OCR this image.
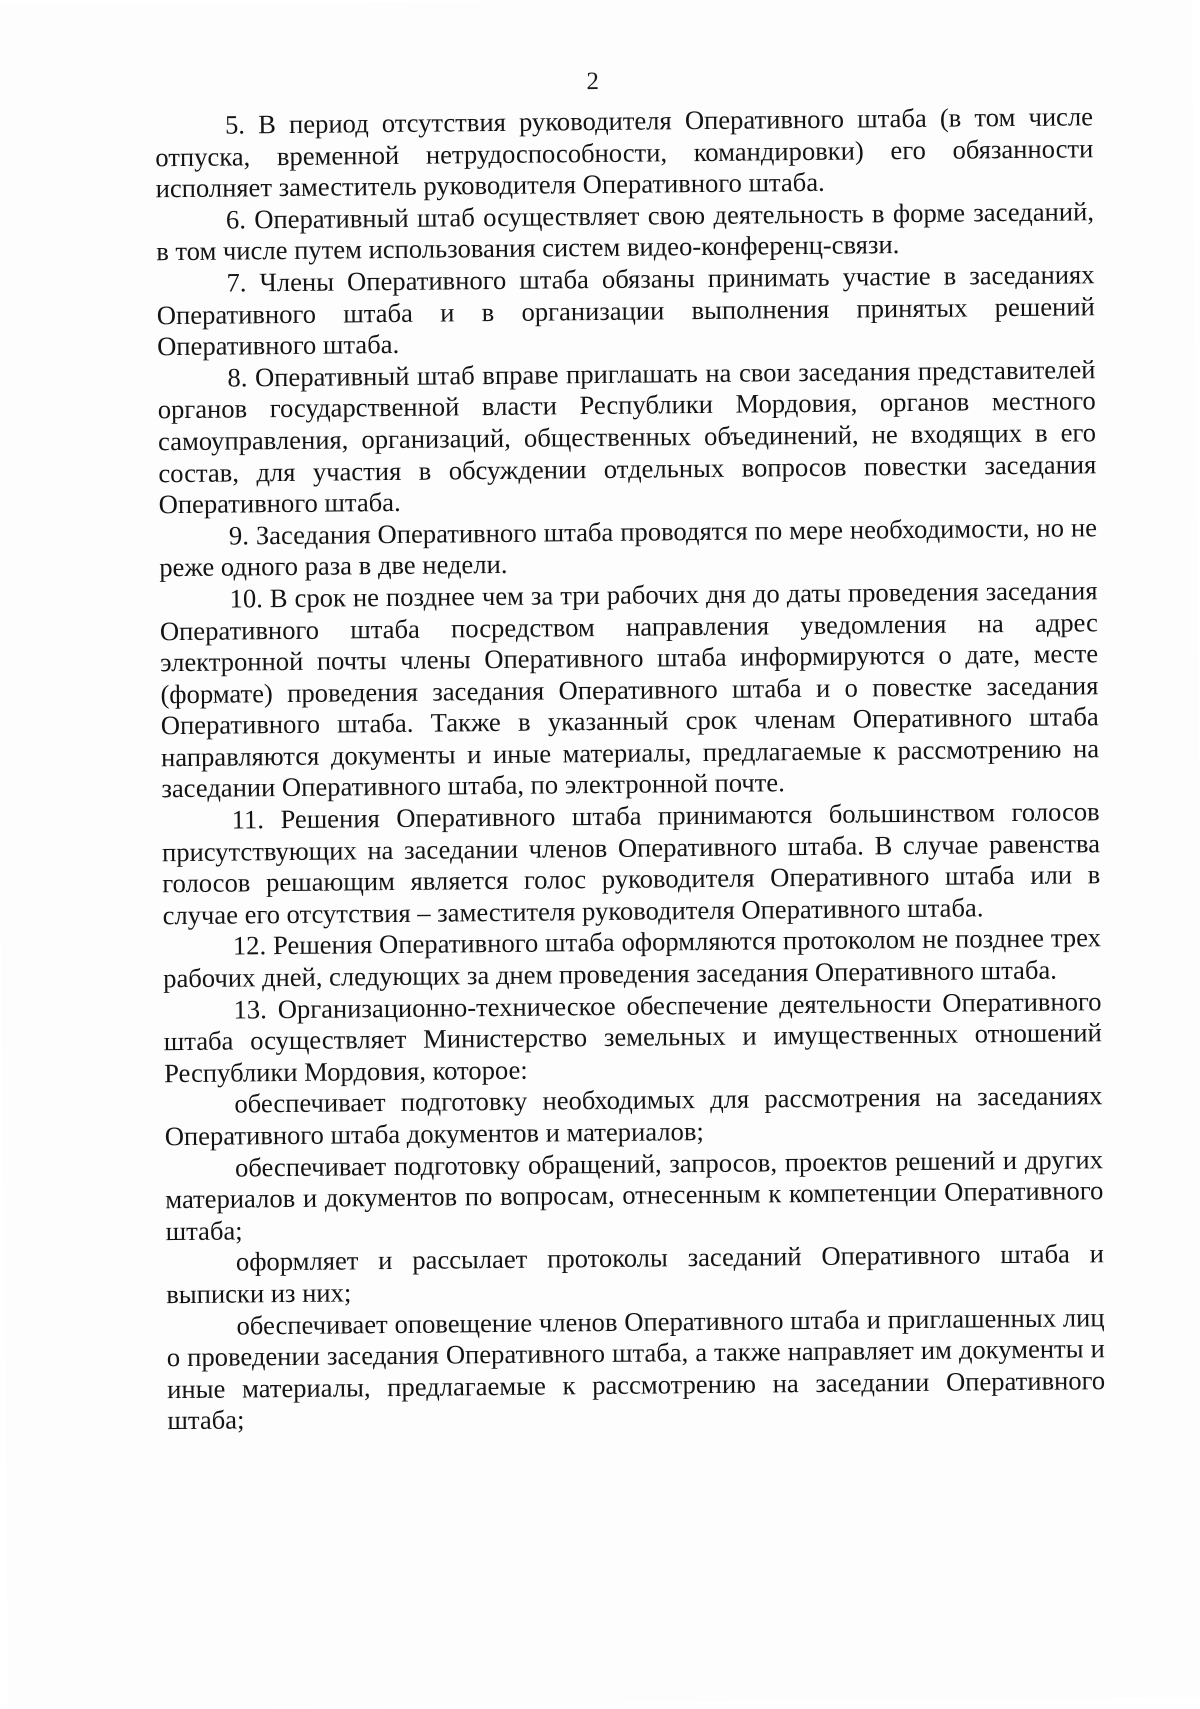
2

5. В период отсутствия руководителя Оперативного штаба (в том числе отпуска, временной нетрудоспособности, командировки) его обязанности исполняет заместитель руководителя Оперативного штаба.

6. Оперативный штаб осуществляет свою деятельность в форме заседаний, в том числе путем использования систем видео-конференц-связи.

7. Члены Оперативного штаба обязаны принимать участие в заседаниях Оперативного штаба и в организации выполнения принятых решений Оперативного штаба.

8. Оперативный штаб вправе приглашать на свои заседания представителей органов государственной власти Республики Мордовия, органов местного самоуправления, организаций, общественных объединений, не входящих в его состав, для участия в обсуждении отдельных вопросов повестки заседания Оперативного штаба.

9. Заседания Оперативного штаба проводятся по мере необходимости, но не реже одного раза в две недели.

10. В срок не позднее чем за три рабочих дня до даты проведения заседания Оперативного штаба посредством направления уведомления на адрес электронной почты члены Оперативного штаба информируются о дате, месте (формате) проведения заседания Оперативного штаба и о повестке заседания Оперативного штаба. Также в указанный срок членам Оперативного штаба направляются документы и иные материалы, предлагаемые к рассмотрению на заседании Оперативного штаба, по электронной почте.

11. Решения Оперативного штаба принимаются большинством голосов присутствующих на заседании членов Оперативного штаба. В случае равенства голосов решающим является голос руководителя Оперативного штаба или в случае его отсутствия – заместителя руководителя Оперативного штаба.

12. Решения Оперативного штаба оформляются протоколом не позднее трех рабочих дней, следующих за днем проведения заседания Оперативного штаба.

13. Организационно-техническое обеспечение деятельности Оперативного штаба осуществляет Министерство земельных и имущественных отношений Республики Мордовия, которое:

обеспечивает подготовку необходимых для рассмотрения на заседаниях Оперативного штаба документов и материалов;

обеспечивает подготовку обращений, запросов, проектов решений и других материалов и документов по вопросам, отнесенным к компетенции Оперативного штаба;

оформляет и рассылает протоколы заседаний Оперативного штаба и выписки из них;

обеспечивает оповещение членов Оперативного штаба и приглашенных лиц о проведении заседания Оперативного штаба, а также направляет им документы и иные материалы, предлагаемые к рассмотрению на заседании Оперативного штаба;
